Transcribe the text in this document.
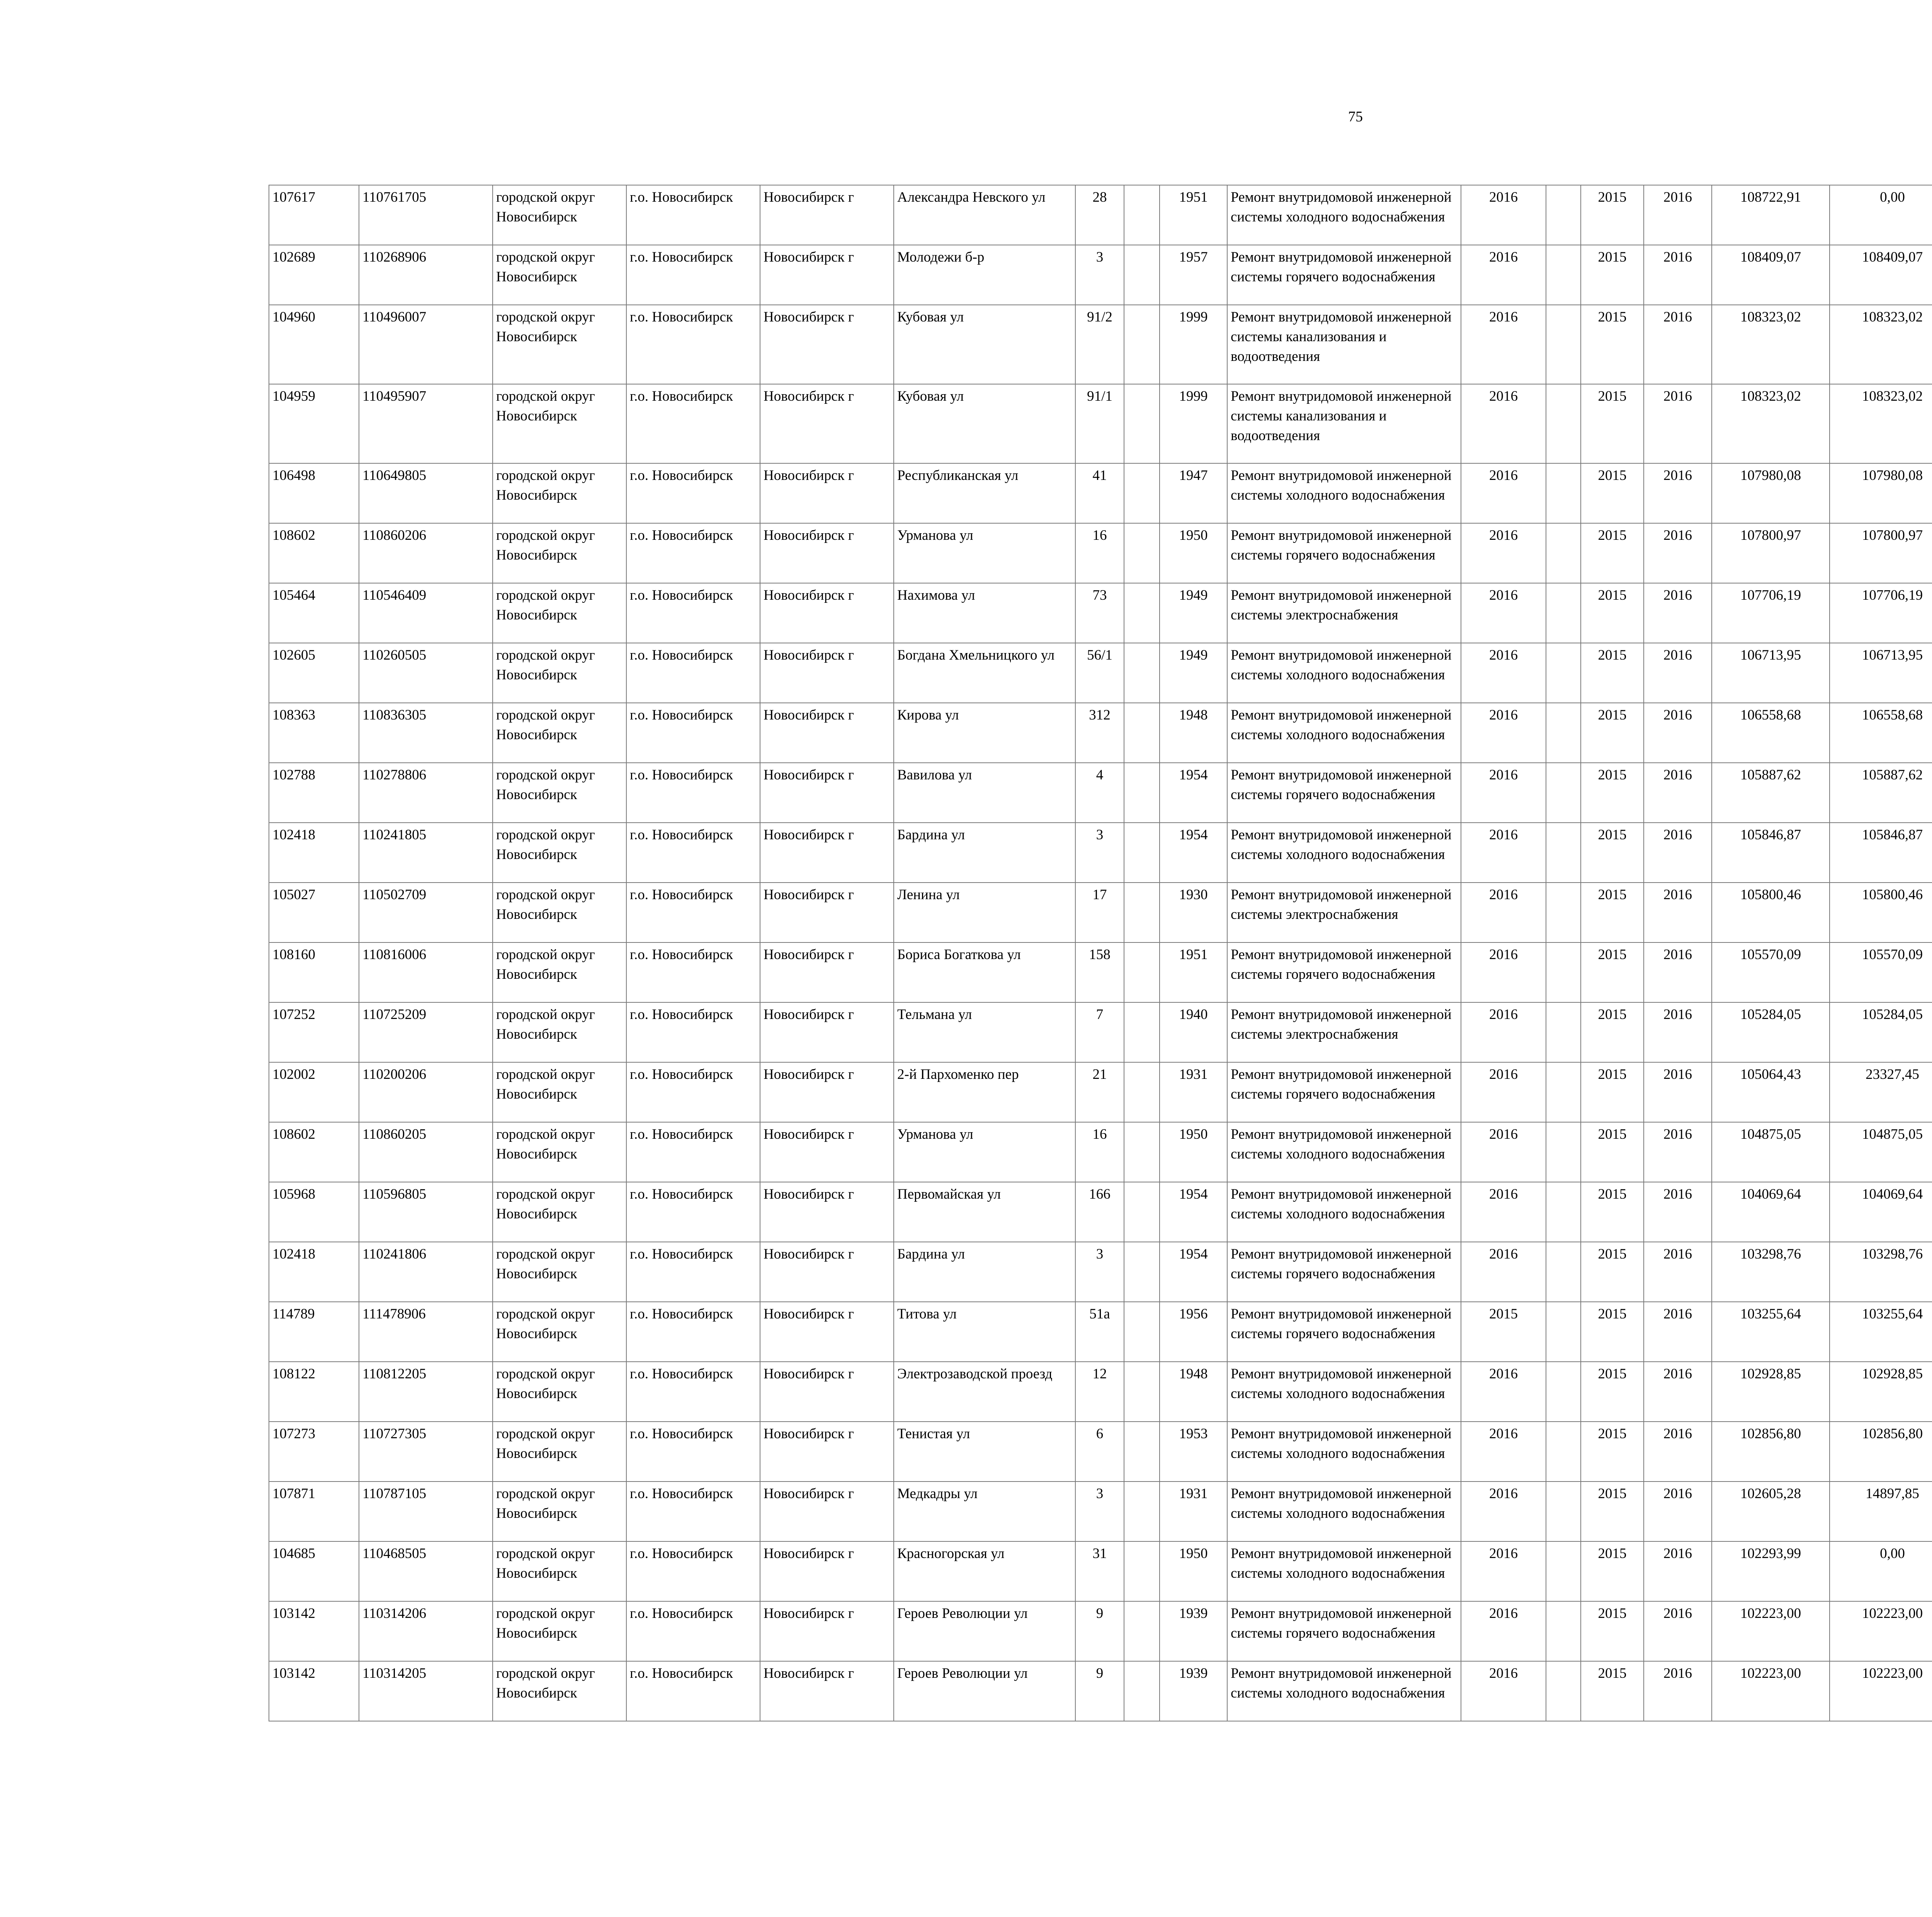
75
107617	110761705	городской округ Новосибирск	г.о. Новосибирск	Новосибирск г	Александра Невского ул	28		1951	Ремонт внутридомовой инженерной системы холодного водоснабжения	2016		2015	2016	108722,91	0,00						
102689	110268906	городской округ Новосибирск	г.о. Новосибирск	Новосибирск г	Молодежи б-р	3		1957	Ремонт внутридомовой инженерной системы горячего водоснабжения	2016		2015	2016	108409,07	108409,07						
104960	110496007	городской округ Новосибирск	г.о. Новосибирск	Новосибирск г	Кубовая ул	91/2		1999	Ремонт внутридомовой инженерной системы канализования и водоотведения	2016		2015	2016	108323,02	108323,02						
104959	110495907	городской округ Новосибирск	г.о. Новосибирск	Новосибирск г	Кубовая ул	91/1		1999	Ремонт внутридомовой инженерной системы канализования и водоотведения	2016		2015	2016	108323,02	108323,02						
106498	110649805	городской округ Новосибирск	г.о. Новосибирск	Новосибирск г	Республиканская ул	41		1947	Ремонт внутридомовой инженерной системы холодного водоснабжения	2016		2015	2016	107980,08	107980,08						
108602	110860206	городской округ Новосибирск	г.о. Новосибирск	Новосибирск г	Урманова ул	16		1950	Ремонт внутридомовой инженерной системы горячего водоснабжения	2016		2015	2016	107800,97	107800,97						
105464	110546409	городской округ Новосибирск	г.о. Новосибирск	Новосибирск г	Нахимова ул	73		1949	Ремонт внутридомовой инженерной системы электроснабжения	2016		2015	2016	107706,19	107706,19						
102605	110260505	городской округ Новосибирск	г.о. Новосибирск	Новосибирск г	Богдана Хмельницкого ул	56/1		1949	Ремонт внутридомовой инженерной системы холодного водоснабжения	2016		2015	2016	106713,95	106713,95						
108363	110836305	городской округ Новосибирск	г.о. Новосибирск	Новосибирск г	Кирова ул	312		1948	Ремонт внутридомовой инженерной системы холодного водоснабжения	2016		2015	2016	106558,68	106558,68						
102788	110278806	городской округ Новосибирск	г.о. Новосибирск	Новосибирск г	Вавилова ул	4		1954	Ремонт внутридомовой инженерной системы горячего водоснабжения	2016		2015	2016	105887,62	105887,62						
102418	110241805	городской округ Новосибирск	г.о. Новосибирск	Новосибирск г	Бардина ул	3		1954	Ремонт внутридомовой инженерной системы холодного водоснабжения	2016		2015	2016	105846,87	105846,87						
105027	110502709	городской округ Новосибирск	г.о. Новосибирск	Новосибирск г	Ленина ул	17		1930	Ремонт внутридомовой инженерной системы электроснабжения	2016		2015	2016	105800,46	105800,46						
108160	110816006	городской округ Новосибирск	г.о. Новосибирск	Новосибирск г	Бориса Богаткова ул	158		1951	Ремонт внутридомовой инженерной системы горячего водоснабжения	2016		2015	2016	105570,09	105570,09						
107252	110725209	городской округ Новосибирск	г.о. Новосибирск	Новосибирск г	Тельмана ул	7		1940	Ремонт внутридомовой инженерной системы электроснабжения	2016		2015	2016	105284,05	105284,05						
102002	110200206	городской округ Новосибирск	г.о. Новосибирск	Новосибирск г	2-й Пархоменко пер	21		1931	Ремонт внутридомовой инженерной системы горячего водоснабжения	2016		2015	2016	105064,43	23327,45						
108602	110860205	городской округ Новосибирск	г.о. Новосибирск	Новосибирск г	Урманова ул	16		1950	Ремонт внутридомовой инженерной системы холодного водоснабжения	2016		2015	2016	104875,05	104875,05						
105968	110596805	городской округ Новосибирск	г.о. Новосибирск	Новосибирск г	Первомайская ул	166		1954	Ремонт внутридомовой инженерной системы холодного водоснабжения	2016		2015	2016	104069,64	104069,64						
102418	110241806	городской округ Новосибирск	г.о. Новосибирск	Новосибирск г	Бардина ул	3		1954	Ремонт внутридомовой инженерной системы горячего водоснабжения	2016		2015	2016	103298,76	103298,76						
114789	111478906	городской округ Новосибирск	г.о. Новосибирск	Новосибирск г	Титова ул	51а		1956	Ремонт внутридомовой инженерной системы горячего водоснабжения	2015		2015	2016	103255,64	103255,64						
108122	110812205	городской округ Новосибирск	г.о. Новосибирск	Новосибирск г	Электрозаводской проезд	12		1948	Ремонт внутридомовой инженерной системы холодного водоснабжения	2016		2015	2016	102928,85	102928,85						
107273	110727305	городской округ Новосибирск	г.о. Новосибирск	Новосибирск г	Тенистая ул	6		1953	Ремонт внутридомовой инженерной системы холодного водоснабжения	2016		2015	2016	102856,80	102856,80						
107871	110787105	городской округ Новосибирск	г.о. Новосибирск	Новосибирск г	Медкадры ул	3		1931	Ремонт внутридомовой инженерной системы холодного водоснабжения	2016		2015	2016	102605,28	14897,85						
104685	110468505	городской округ Новосибирск	г.о. Новосибирск	Новосибирск г	Красногорская ул	31		1950	Ремонт внутридомовой инженерной системы холодного водоснабжения	2016		2015	2016	102293,99	0,00						
103142	110314206	городской округ Новосибирск	г.о. Новосибирск	Новосибирск г	Героев Революции ул	9		1939	Ремонт внутридомовой инженерной системы горячего водоснабжения	2016		2015	2016	102223,00	102223,00						
103142	110314205	городской округ Новосибирск	г.о. Новосибирск	Новосибирск г	Героев Революции ул	9		1939	Ремонт внутридомовой инженерной системы холодного водоснабжения	2016		2015	2016	102223,00	102223,00						
